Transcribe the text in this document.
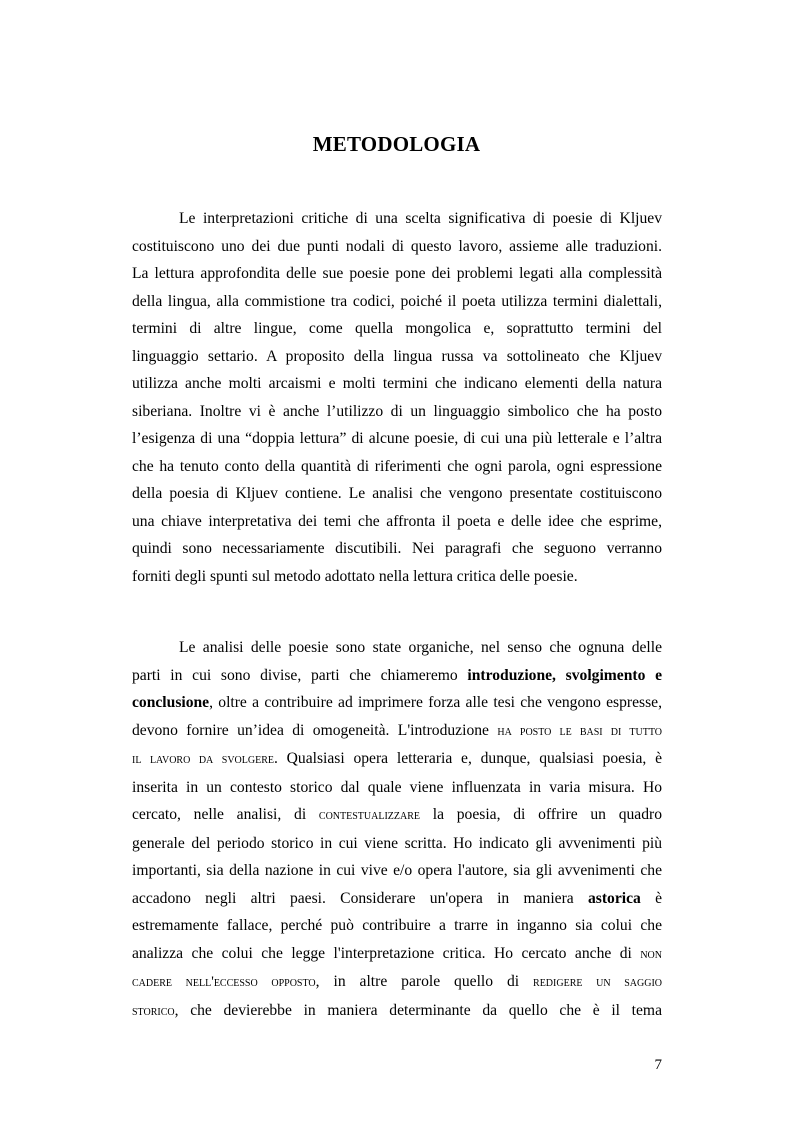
METODOLOGIA
Le interpretazioni critiche di una scelta significativa di poesie di Kljuev
costituiscono uno dei due punti nodali di questo lavoro, assieme alle traduzioni.
La lettura approfondita delle sue poesie pone dei problemi legati alla complessità
della lingua, alla commistione tra codici, poiché il poeta utilizza termini dialettali,
termini di altre lingue, come quella mongolica e, soprattutto termini del
linguaggio settario. A proposito della lingua russa va sottolineato che Kljuev
utilizza anche molti arcaismi e molti termini che indicano elementi della natura
siberiana. Inoltre vi è anche l’utilizzo di un linguaggio simbolico che ha posto
l’esigenza di una “doppia lettura” di alcune poesie, di cui una più letterale e l’altra
che ha tenuto conto della quantità di riferimenti che ogni parola, ogni espressione
della poesia di Kljuev contiene. Le analisi che vengono presentate costituiscono
una chiave interpretativa dei temi che affronta il poeta e delle idee che esprime,
quindi sono necessariamente discutibili. Nei paragrafi che seguono verranno
forniti degli spunti sul metodo adottato nella lettura critica delle poesie.
Le analisi delle poesie sono state organiche, nel senso che ognuna delle
parti in cui sono divise, parti che chiameremo introduzione, svolgimento e
conclusione, oltre a contribuire ad imprimere forza alle tesi che vengono espresse,
devono fornire un’idea di omogeneità. L'introduzione ha posto le basi di tutto
il lavoro da svolgere. Qualsiasi opera letteraria e, dunque, qualsiasi poesia, è
inserita in un contesto storico dal quale viene influenzata in varia misura. Ho
cercato, nelle analisi, di contestualizzare la poesia, di offrire un quadro
generale del periodo storico in cui viene scritta. Ho indicato gli avvenimenti più
importanti, sia della nazione in cui vive e/o opera l'autore, sia gli avvenimenti che
accadono negli altri paesi. Considerare un'opera in maniera astorica è
estremamente fallace, perché può contribuire a trarre in inganno sia colui che
analizza che colui che legge l'interpretazione critica. Ho cercato anche di non
cadere nell'eccesso opposto, in altre parole quello di redigere un saggio
storico, che devierebbe in maniera determinante da quello che è il tema
7
